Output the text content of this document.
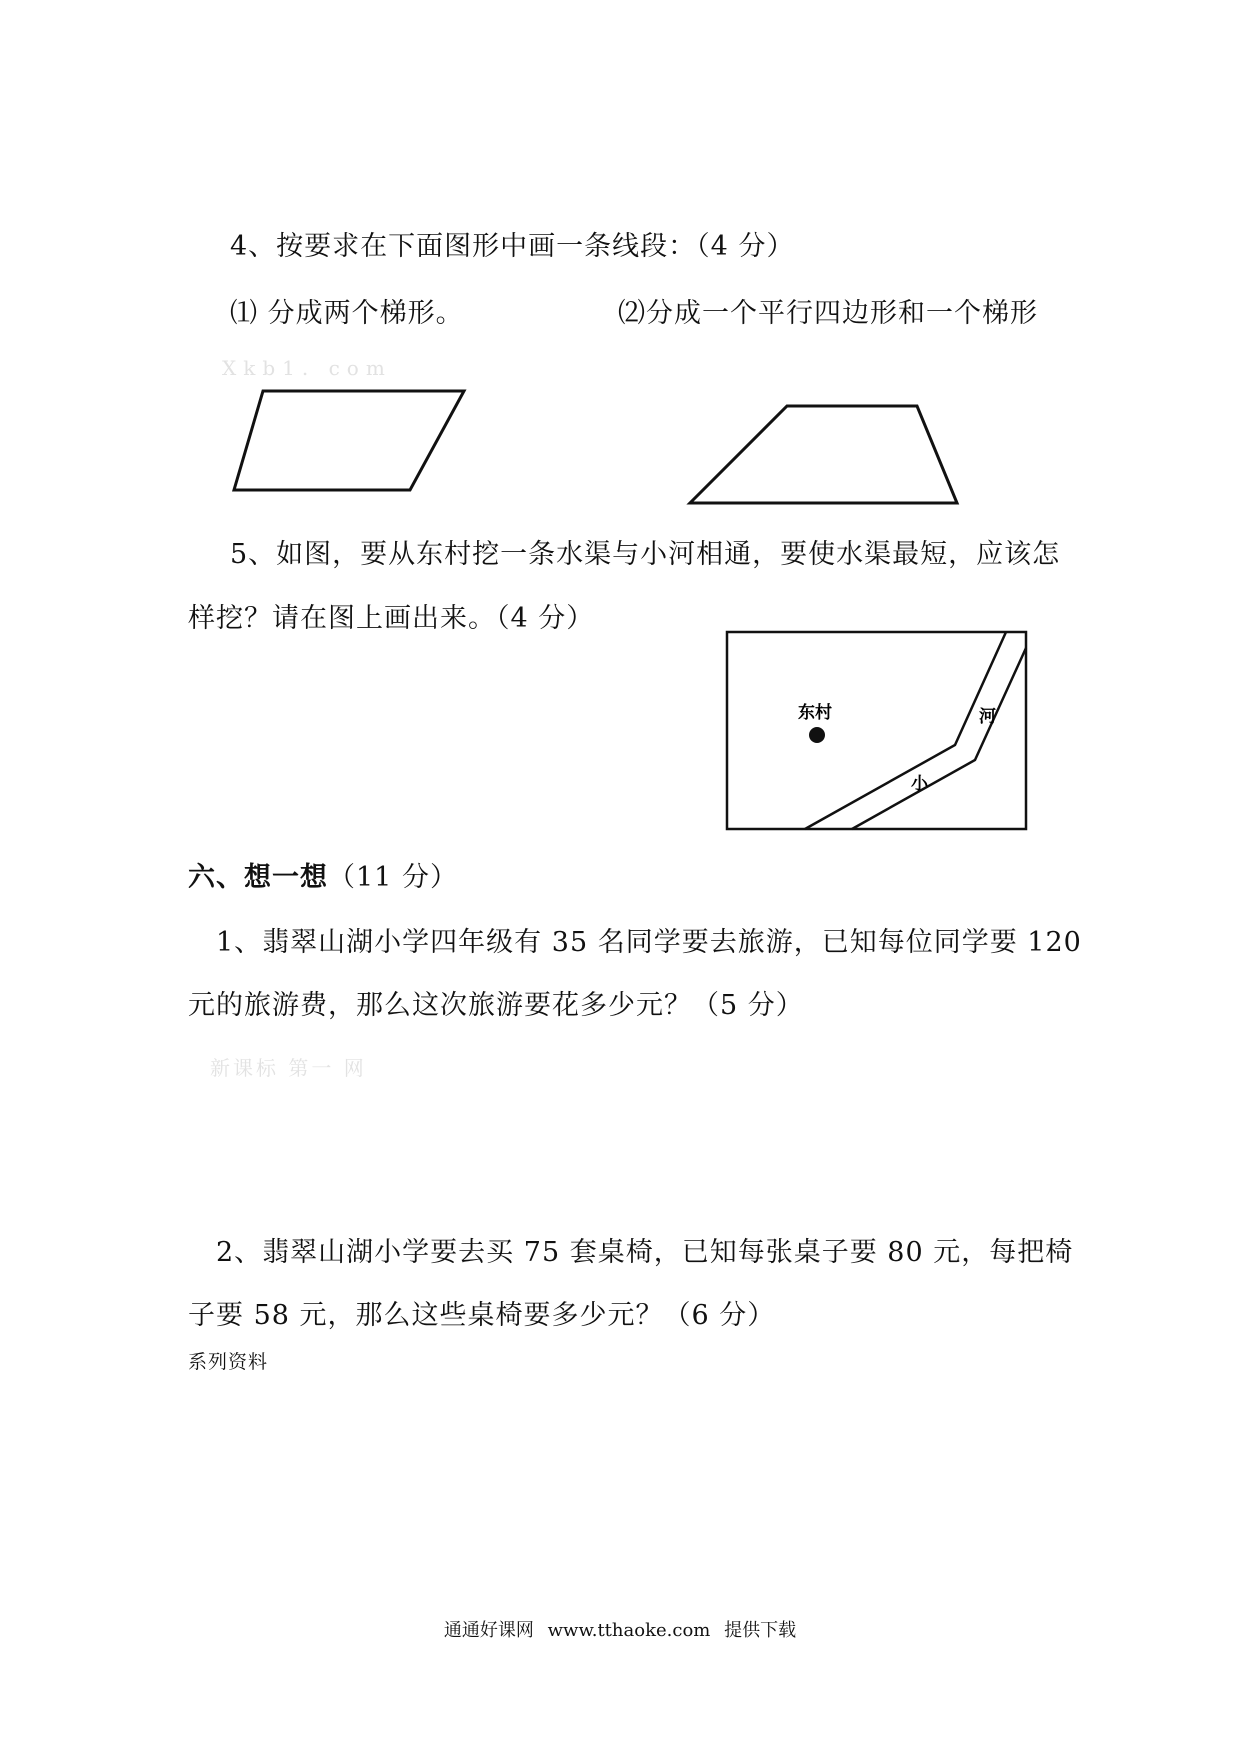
4、按要求在下面图形中画一条线段：（4 分）
⑴ 分成两个梯形。	⑵分成一个平行四边形和一个梯形
Xkb1. com
东村	河
小
5、如图，要从东村挖一条水渠与小河相通，要使水渠最短，应该怎
样挖？请在图上画出来。（4 分）
六、想一想（11 分）
1、翡翠山湖小学四年级有 35 名同学要去旅游，已知每位同学要 120
元的旅游费，那么这次旅游要花多少元？（5 分）
新课标 第一 网
2、翡翠山湖小学要去买 75 套桌椅，已知每张桌子要 80 元，每把椅
子要 58 元，那么这些桌椅要多少元？（6 分）
系列资料
通通好课网 www.tthaoke.com 提供下载
